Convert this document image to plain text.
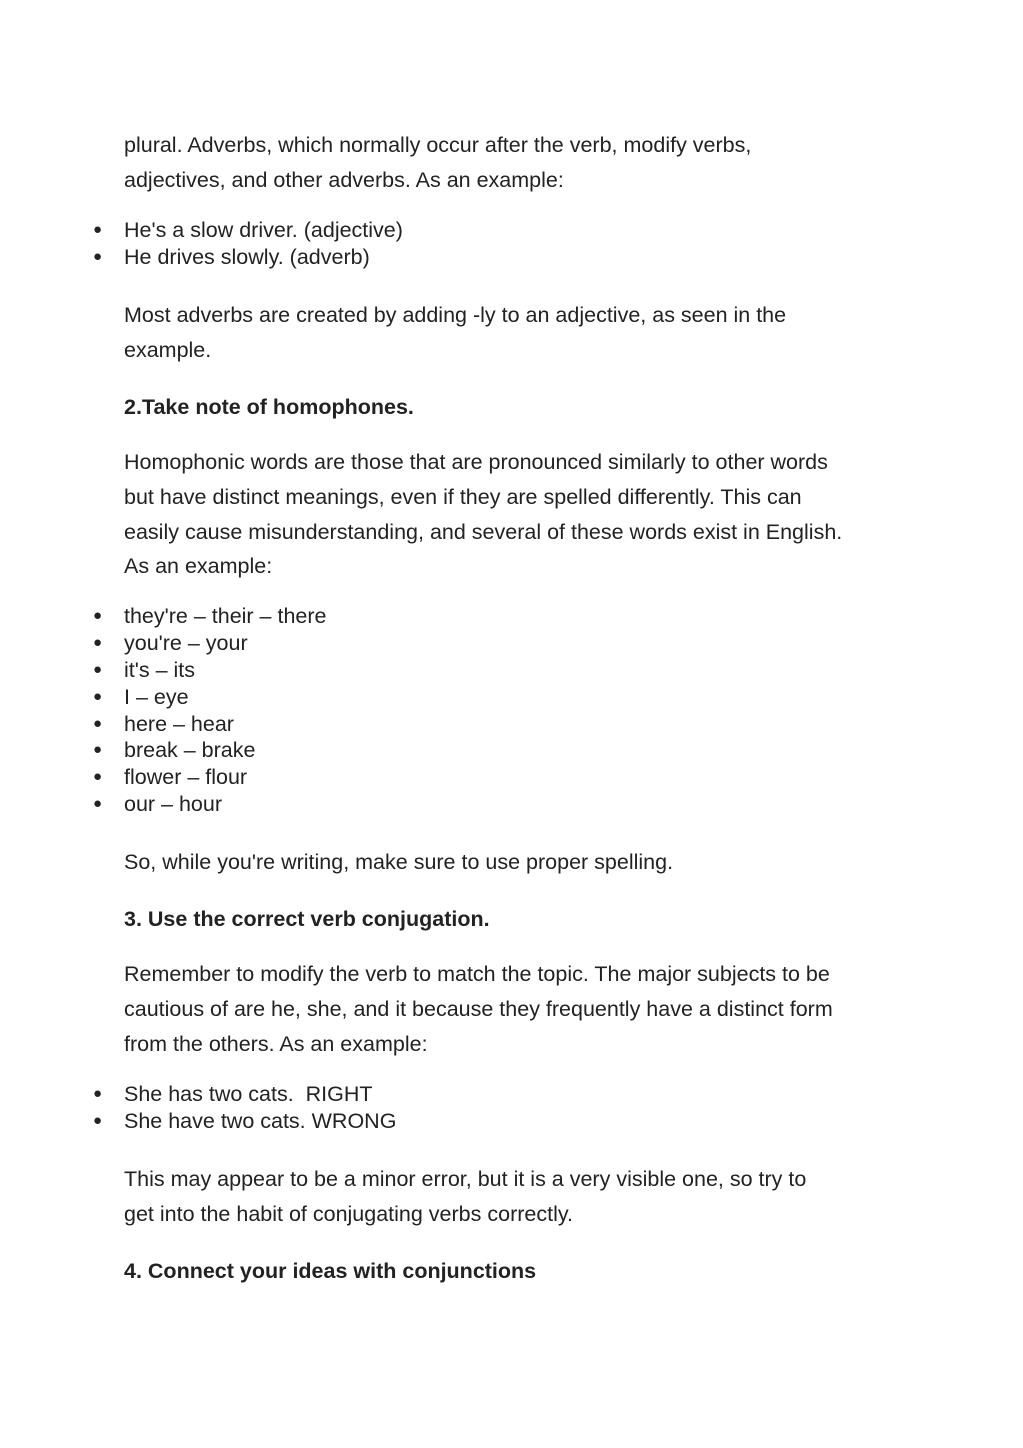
plural. Adverbs, which normally occur after the verb, modify verbs,
adjectives, and other adverbs. As an example:

● He's a slow driver. (adjective)
● He drives slowly. (adverb)

Most adverbs are created by adding -ly to an adjective, as seen in the
example.

2.Take note of homophones.

Homophonic words are those that are pronounced similarly to other words
but have distinct meanings, even if they are spelled differently. This can
easily cause misunderstanding, and several of these words exist in English.
As an example:

● they're – their – there
● you're – your
● it's – its
● I – eye
● here – hear
● break – brake
● flower – flour
● our – hour

So, while you're writing, make sure to use proper spelling.

3. Use the correct verb conjugation.

Remember to modify the verb to match the topic. The major subjects to be
cautious of are he, she, and it because they frequently have a distinct form
from the others. As an example:

● She has two cats.  RIGHT
● She have two cats. WRONG

This may appear to be a minor error, but it is a very visible one, so try to
get into the habit of conjugating verbs correctly.

4. Connect your ideas with conjunctions
